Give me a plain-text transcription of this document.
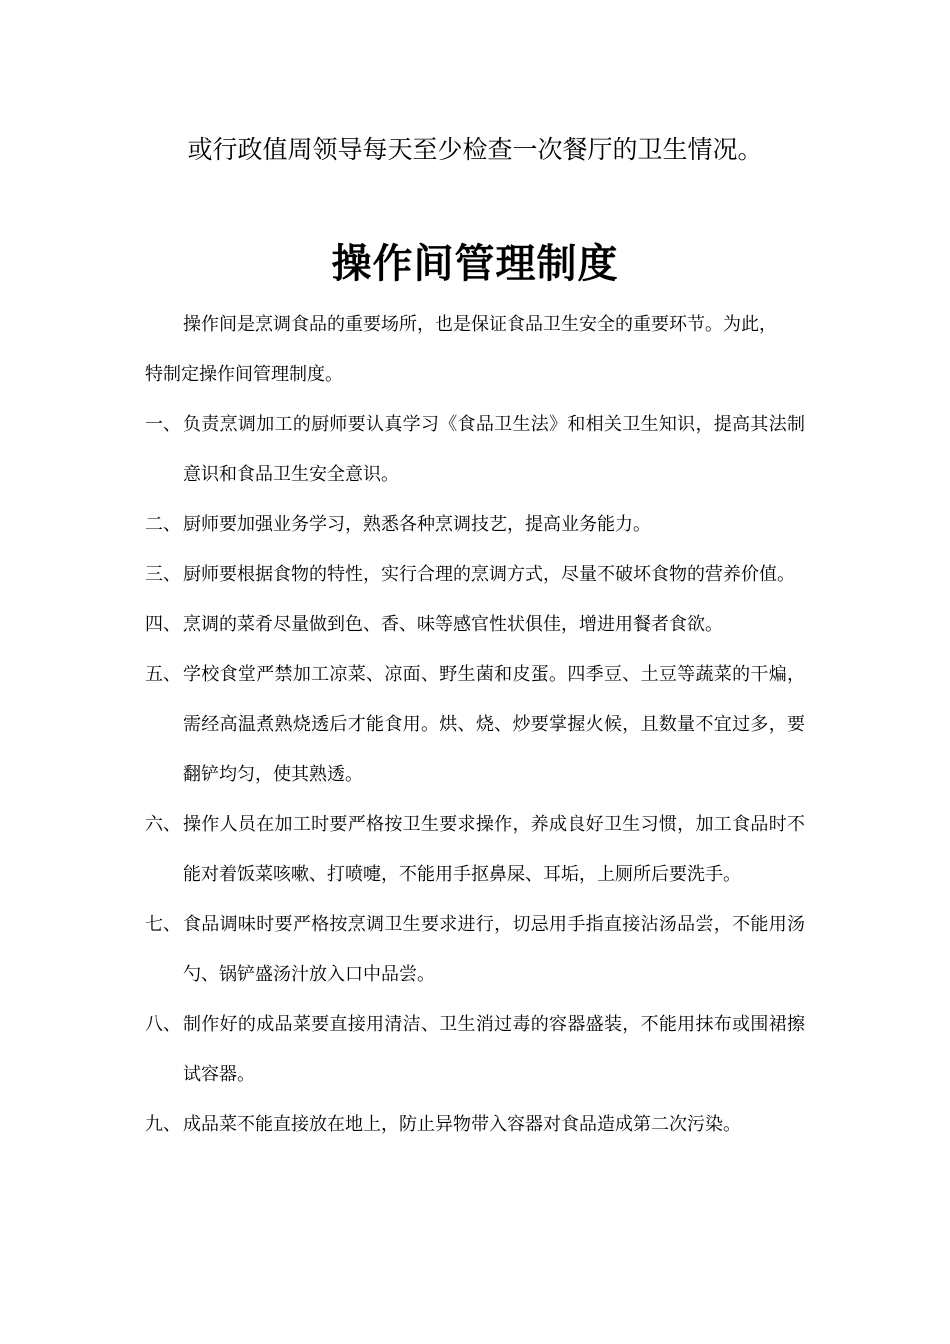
或行政值周领导每天至少检查一次餐厅的卫生情况。
操作间管理制度
操作间是烹调食品的重要场所，也是保证食品卫生安全的重要环节。为此，
特制定操作间管理制度。
一、 负责烹调加工的厨师要认真学习《食品卫生法》和相关卫生知识，提高其法制意识和食品卫生安全意识。
二、 厨师要加强业务学习，熟悉各种烹调技艺，提高业务能力。
三、 厨师要根据食物的特性，实行合理的烹调方式，尽量不破坏食物的营养价值。
四、 烹调的菜肴尽量做到色、香、味等感官性状俱佳，增进用餐者食欲。
五、 学校食堂严禁加工凉菜、凉面、野生菌和皮蛋。四季豆、土豆等蔬菜的干煸，需经高温煮熟烧透后才能食用。烘、烧、炒要掌握火候，且数量不宜过多，要翻铲均匀，使其熟透。
六、 操作人员在加工时要严格按卫生要求操作，养成良好卫生习惯，加工食品时不能对着饭菜咳嗽、打喷嚏，不能用手抠鼻屎、耳垢，上厕所后要洗手。
七、 食品调味时要严格按烹调卫生要求进行，切忌用手指直接沾汤品尝，不能用汤勺、锅铲盛汤汁放入口中品尝。
八、 制作好的成品菜要直接用清洁、卫生消过毒的容器盛装，不能用抹布或围裙擦试容器。
九、 成品菜不能直接放在地上，防止异物带入容器对食品造成第二次污染。
